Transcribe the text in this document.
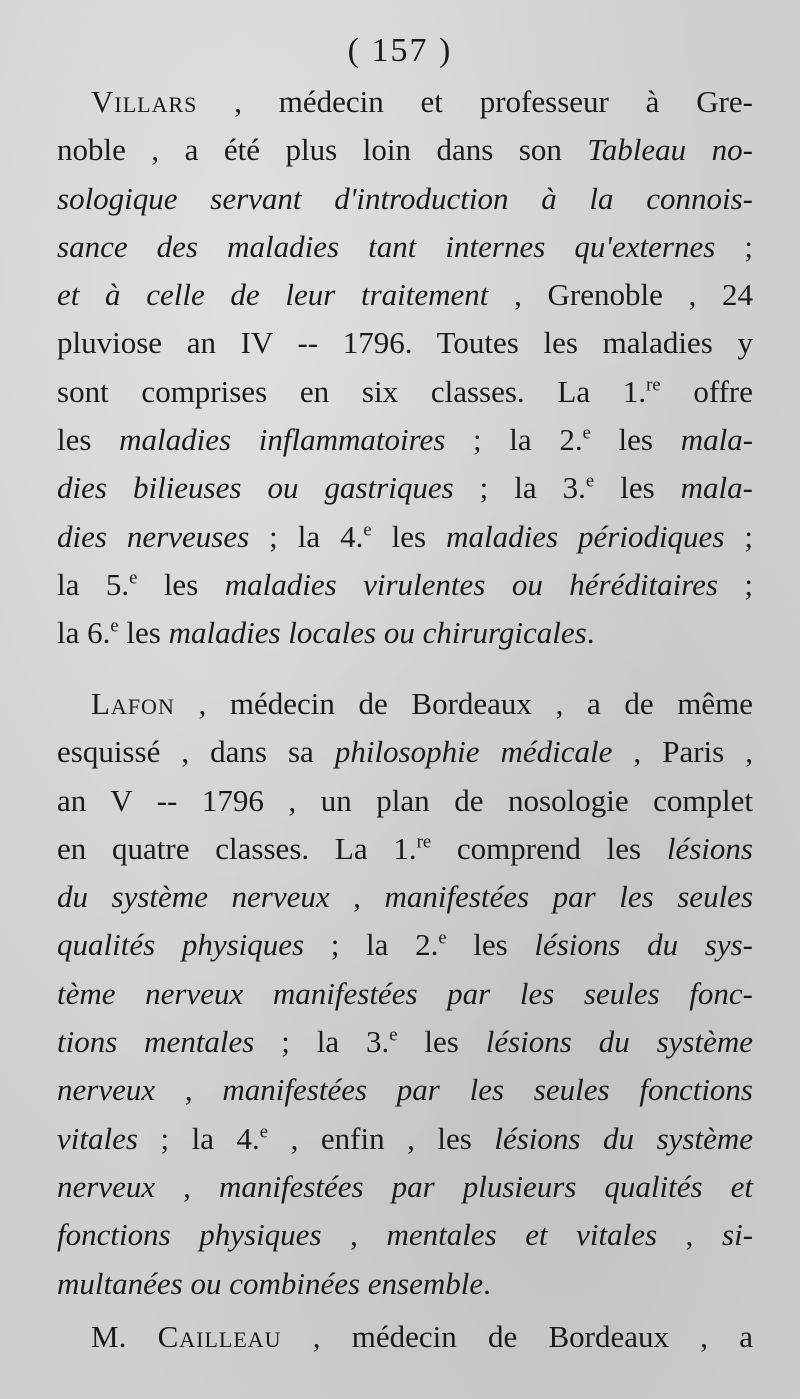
( 157 )
Villars , médecin et professeur à Gre-
noble , a été plus loin dans son Tableau no-
sologique servant d'introduction à la connois-
sance des maladies tant internes qu'externes ;
et à celle de leur traitement , Grenoble , 24
pluviose an IV -- 1796. Toutes les maladies y
sont comprises en six classes. La 1.$^{re}$ offre
les maladies inflammatoires ; la 2.$^e$ les mala-
dies bilieuses ou gastriques ; la 3.$^e$ les mala-
dies nerveuses ; la 4.$^e$ les maladies périodiques ;
la 5.$^e$ les maladies virulentes ou héréditaires ;
la 6.$^e$ les maladies locales ou chirurgicales.
Lafon , médecin de Bordeaux , a de même
esquissé , dans sa philosophie médicale , Paris ,
an V -- 1796 , un plan de nosologie complet
en quatre classes. La 1.$^{re}$ comprend les lésions
du système nerveux , manifestées par les seules
qualités physiques ; la 2.$^e$ les lésions du sys-
tème nerveux manifestées par les seules fonc-
tions mentales ; la 3.$^e$ les lésions du système
nerveux , manifestées par les seules fonctions
vitales ; la 4.$^e$ , enfin , les lésions du système
nerveux , manifestées par plusieurs qualités et
fonctions physiques , mentales et vitales , si-
multanées ou combinées ensemble.
M. Cailleau , médecin de Bordeaux , a
